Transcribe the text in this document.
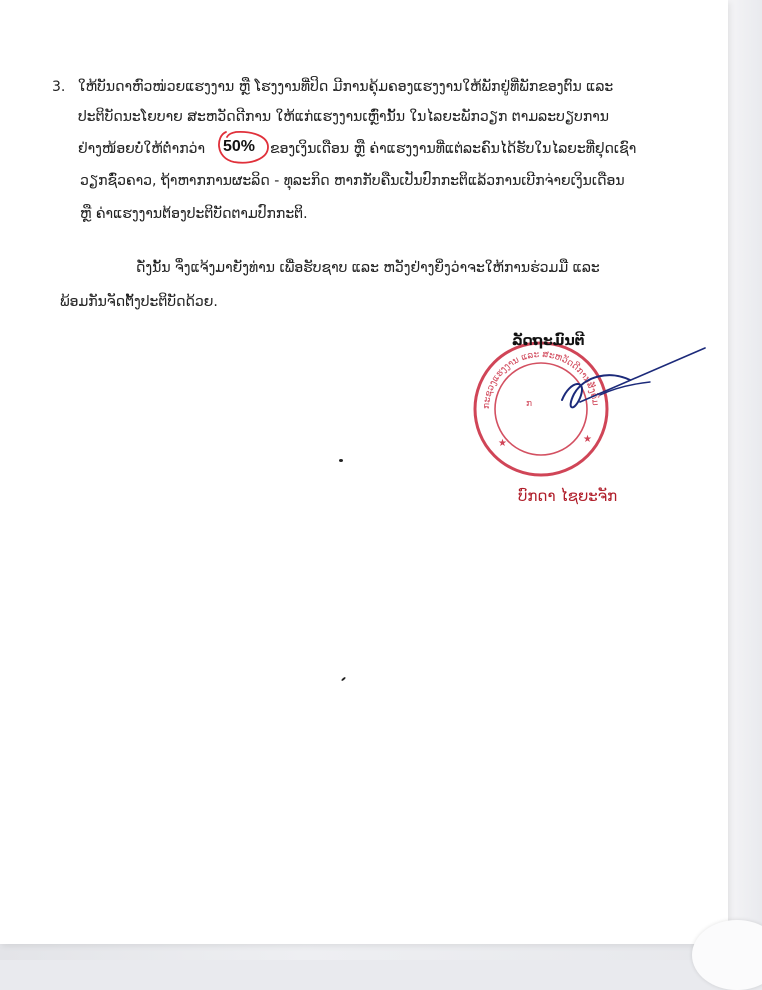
3. ໃຫ້ບັນດາຫົວໜ່ວຍແຮງງານ ຫຼື ໂຮງງານທີ່ປິດ ມີການຄຸ້ມຄອງແຮງງານໃຫ້ພັກຢູ່ທີ່ພັກຂອງຕົນ ແລະ

ປະຕິບັດນະໂຍບາຍ ສະຫວັດດີການ ໃຫ້ແກ່ແຮງງານເຫຼົ່ານັ້ນ ໃນໄລຍະພັກວຽກ ຕາມລະບຽບການ

ຢ່າງໜ້ອຍບໍ່ໃຫ້ຕ່ຳກວ່າ 50% ຂອງເງິນເດືອນ ຫຼື ຄ່າແຮງງານທີ່ແຕ່ລະຄົນໄດ້ຮັບໃນໄລຍະທີ່ຢຸດເຊົາ

ວຽກຊົ່ວຄາວ, ຖ້າຫາກການຜະລິດ - ທຸລະກິດ ຫາກກັບຄືນເປັນປົກກະຕິແລ້ວການເບີກຈ່າຍເງິນເດືອນ

ຫຼື ຄ່າແຮງງານຕ້ອງປະຕິບັດຕາມປົກກະຕິ.

ດັ່ງນັ້ນ ຈຶ່ງແຈ້ງມາຍັງທ່ານ ເພື່ອຮັບຊາບ ແລະ ຫວັງຢ່າງຍິ່ງວ່າຈະໃຫ້ການຮ່ວມມື ແລະ

ພ້ອມກັນຈັດຕັ້ງປະຕິບັດດ້ວຍ.

ກະຊວງແຮງງານ ແລະ ສະຫວັດດີການສັງຄົມ
ກ
★
★
ລັດຖະມົນຕີ
ບົກດາ ໄຊຍະຈັກ
